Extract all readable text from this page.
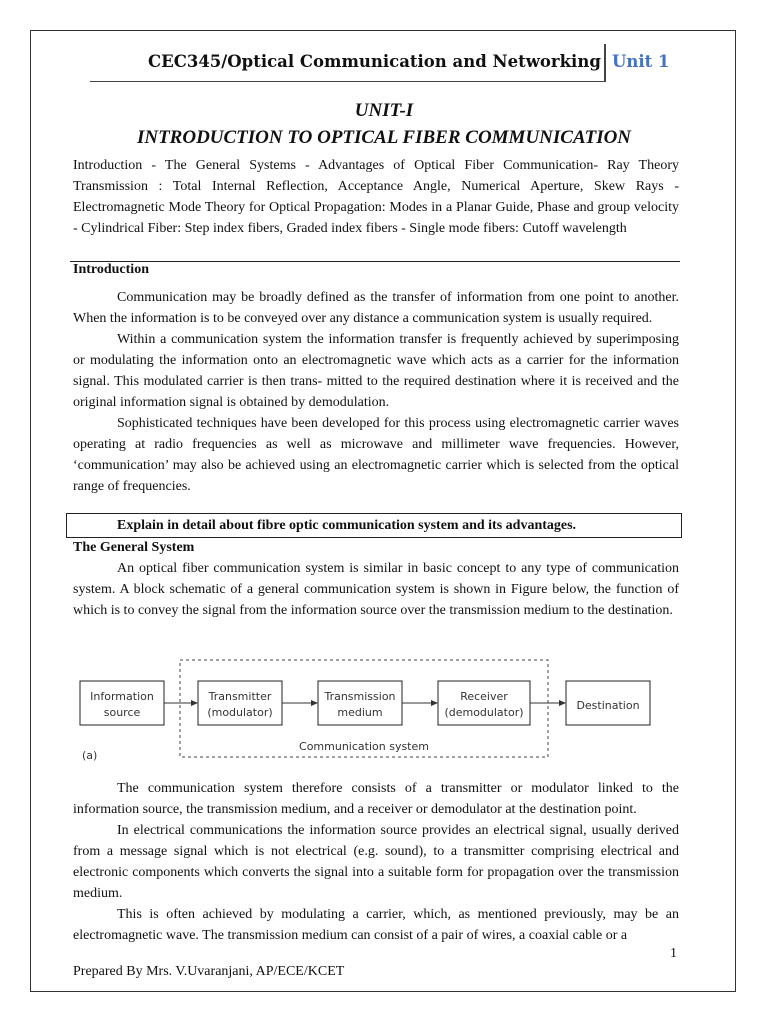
CEC345/Optical Communication and Networking Unit 1
UNIT-I
INTRODUCTION TO OPTICAL FIBER COMMUNICATION

Introduction - The General Systems - Advantages of Optical Fiber Communication- Ray Theory Transmission : Total Internal Reflection, Acceptance Angle, Numerical Aperture, Skew Rays - Electromagnetic Mode Theory for Optical Propagation: Modes in a Planar Guide, Phase and group velocity - Cylindrical Fiber: Step index fibers, Graded index fibers - Single mode fibers: Cutoff wavelength

Introduction

Communication may be broadly defined as the transfer of information from one point to another. When the information is to be conveyed over any distance a communication system is usually required.

Within a communication system the information transfer is frequently achieved by superimposing or modulating the information onto an electromagnetic wave which acts as a carrier for the information signal. This modulated carrier is then trans- mitted to the required destination where it is received and the original information signal is obtained by demodulation.

Sophisticated techniques have been developed for this process using electromagnetic carrier waves operating at radio frequencies as well as microwave and millimeter wave frequencies. However, ‘communication’ may also be achieved using an electromagnetic carrier which is selected from the optical range of frequencies.

Explain in detail about fibre optic communication system and its advantages.
The General System

An optical fiber communication system is similar in basic concept to any type of communication system. A block schematic of a general communication system is shown in Figure below, the function of which is to convey the signal from the information source over the transmission medium to the destination.

Information
source
Transmitter
(modulator)
Transmission
medium
Receiver
(demodulator)
Destination
Communication system
(a)

The communication system therefore consists of a transmitter or modulator linked to the information source, the transmission medium, and a receiver or demodulator at the destination point.

In electrical communications the information source provides an electrical signal, usually derived from a message signal which is not electrical (e.g. sound), to a transmitter comprising electrical and electronic components which converts the signal into a suitable form for propagation over the transmission medium.

This is often achieved by modulating a carrier, which, as mentioned previously, may be an electromagnetic wave. The transmission medium can consist of a pair of wires, a coaxial cable or a

1
Prepared By Mrs. V.Uvaranjani, AP/ECE/KCET
